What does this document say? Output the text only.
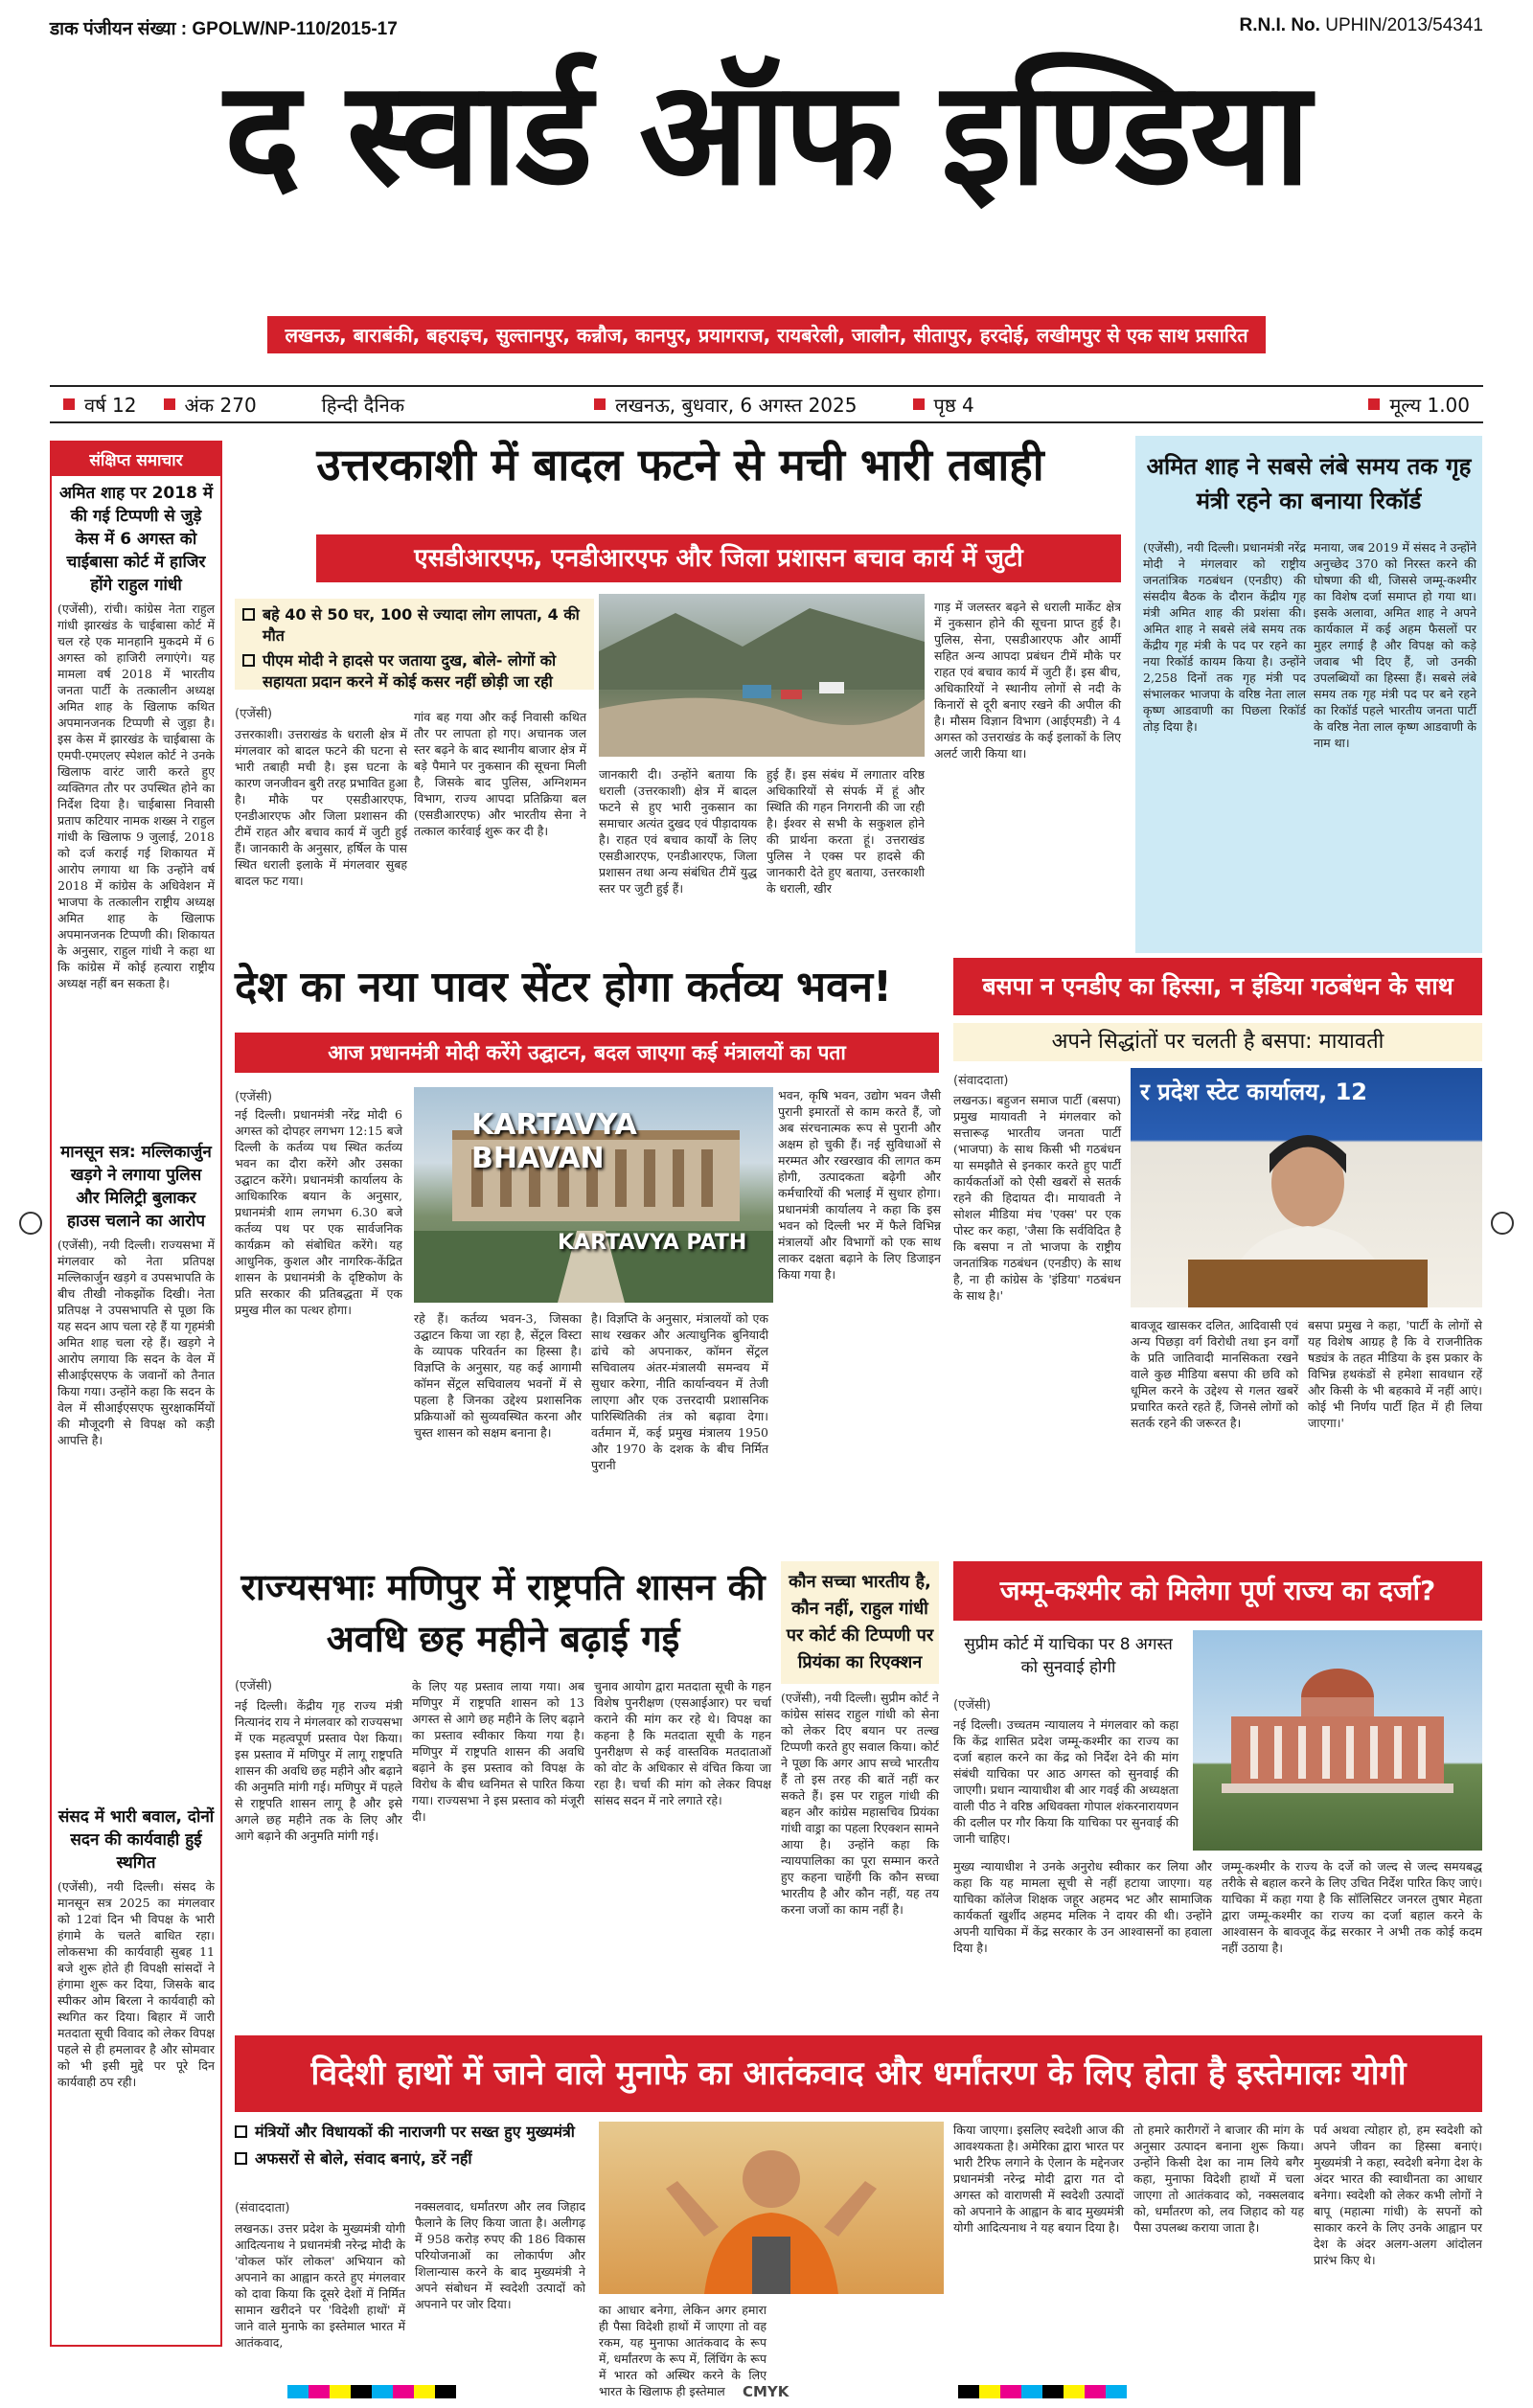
डाक पंजीयन संख्या : GPOLW/NP-110/2015-17	R.N.I. No. UPHIN/2013/54341
द स्वार्ड ऑफ इण्डिया
लखनऊ, बाराबंकी, बहराइच, सुल्तानपुर, कन्नौज, कानपुर, प्रयागराज, रायबरेली, जालौन, सीतापुर, हरदोई, लखीमपुर से एक साथ प्रसारित
वर्ष 12	अंक 270	हिन्दी दैनिक	लखनऊ, बुधवार, 6 अगस्त 2025	पृष्ठ 4	मूल्य 1.00
संक्षिप्त समाचार
अमित शाह पर 2018 में की गई टिप्पणी से जुड़े केस में 6 अगस्त को चाईबासा कोर्ट में हाजिर होंगे राहुल गांधी
(एजेंसी), रांची। कांग्रेस नेता राहुल गांधी झारखंड के चाईबासा कोर्ट में चल रहे एक मानहानि मुकदमे में 6 अगस्त को हाजिरी लगाएंगे। यह मामला वर्ष 2018 में भारतीय जनता पार्टी के तत्कालीन अध्यक्ष अमित शाह के खिलाफ कथित अपमानजनक टिप्पणी से जुड़ा है। इस केस में झारखंड के चाईबासा के एमपी-एमएलए स्पेशल कोर्ट ने उनके खिलाफ वारंट जारी करते हुए व्यक्तिगत तौर पर उपस्थित होने का निर्देश दिया है। चाईबासा निवासी प्रताप कटियार नामक शख्स ने राहुल गांधी के खिलाफ 9 जुलाई, 2018 को दर्ज कराई गई शिकायत में आरोप लगाया था कि उन्होंने वर्ष 2018 में कांग्रेस के अधिवेशन में भाजपा के तत्कालीन राष्ट्रीय अध्यक्ष अमित शाह के खिलाफ अपमानजनक टिप्पणी की। शिकायत के अनुसार, राहुल गांधी ने कहा था कि कांग्रेस में कोई हत्यारा राष्ट्रीय अध्यक्ष नहीं बन सकता है।
मानसून सत्र: मल्लिकार्जुन खड़गे ने लगाया पुलिस और मिलिट्री बुलाकर हाउस चलाने का आरोप
(एजेंसी), नयी दिल्ली। राज्यसभा में मंगलवार को नेता प्रतिपक्ष मल्लिकार्जुन खड़गे व उपसभापति के बीच तीखी नोकझोंक दिखी। नेता प्रतिपक्ष ने उपसभापति से पूछा कि यह सदन आप चला रहे हैं या गृहमंत्री अमित शाह चला रहे हैं। खड़गे ने आरोप लगाया कि सदन के वेल में सीआईएसएफ के जवानों को तैनात किया गया। उन्होंने कहा कि सदन के वेल में सीआईएसएफ सुरक्षाकर्मियों की मौजूदगी से विपक्ष को कड़ी आपत्ति है।
संसद में भारी बवाल, दोनों सदन की कार्यवाही हुई स्थगित
(एजेंसी), नयी दिल्ली। संसद के मानसून सत्र 2025 का मंगलवार को 12वां दिन भी विपक्ष के भारी हंगामे के चलते बाधित रहा। लोकसभा की कार्यवाही सुबह 11 बजे शुरू होते ही विपक्षी सांसदों ने हंगामा शुरू कर दिया, जिसके बाद स्पीकर ओम बिरला ने कार्यवाही को स्थगित कर दिया। बिहार में जारी मतदाता सूची विवाद को लेकर विपक्ष पहले से ही हमलावर है और सोमवार को भी इसी मुद्दे पर पूरे दिन कार्यवाही ठप रही।
उत्तरकाशी में बादल फटने से मची भारी तबाही
एसडीआरएफ, एनडीआरएफ और जिला प्रशासन बचाव कार्य में जुटी
बहे 40 से 50 घर, 100 से ज्यादा लोग लापता, 4 की मौत
पीएम मोदी ने हादसे पर जताया दुख, बोले- लोगों को सहायता प्रदान करने में कोई कसर नहीं छोड़ी जा रही
(एजेंसी)
उत्तरकाशी। उत्तराखंड के धराली क्षेत्र में मंगलवार को बादल फटने की घटना से भारी तबाही मची है। इस घटना के कारण जनजीवन बुरी तरह प्रभावित हुआ है। मौके पर एसडीआरएफ, एनडीआरएफ और जिला प्रशासन की टीमें राहत और बचाव कार्य में जुटी हुई हैं। जानकारी के अनुसार, हर्षिल के पास स्थित धराली इलाके में मंगलवार सुबह बादल फट गया।
गांव बह गया और कई निवासी कथित तौर पर लापता हो गए। अचानक जल स्तर बढ़ने के बाद स्थानीय बाजार क्षेत्र में बड़े पैमाने पर नुकसान की सूचना मिली है, जिसके बाद पुलिस, अग्निशमन विभाग, राज्य आपदा प्रतिक्रिया बल (एसडीआरएफ) और भारतीय सेना ने तत्काल कार्रवाई शुरू कर दी है।
जानकारी दी। उन्होंने बताया कि धराली (उत्तरकाशी) क्षेत्र में बादल फटने से हुए भारी नुकसान का समाचार अत्यंत दुखद एवं पीड़ादायक है। राहत एवं बचाव कार्यों के लिए एसडीआरएफ, एनडीआरएफ, जिला प्रशासन तथा अन्य संबंधित टीमें युद्ध स्तर पर जुटी हुई हैं।
हुई हैं। इस संबंध में लगातार वरिष्ठ अधिकारियों से संपर्क में हूं और स्थिति की गहन निगरानी की जा रही है। ईश्वर से सभी के सकुशल होने की प्रार्थना करता हूं। उत्तराखंड पुलिस ने एक्स पर हादसे की जानकारी देते हुए बताया, उत्तरकाशी के धराली, खीर
गाड़ में जलस्तर बढ़ने से धराली मार्केट क्षेत्र में नुकसान होने की सूचना प्राप्त हुई है। पुलिस, सेना, एसडीआरएफ और आर्मी सहित अन्य आपदा प्रबंधन टीमें मौके पर राहत एवं बचाव कार्य में जुटी हैं। इस बीच, अधिकारियों ने स्थानीय लोगों से नदी के किनारों से दूरी बनाए रखने की अपील की है। मौसम विज्ञान विभाग (आईएमडी) ने 4 अगस्त को उत्तराखंड के कई इलाकों के लिए अलर्ट जारी किया था।
अमित शाह ने सबसे लंबे समय तक गृह मंत्री रहने का बनाया रिकॉर्ड
(एजेंसी), नयी दिल्ली। प्रधानमंत्री नरेंद्र मोदी ने मंगलवार को राष्ट्रीय जनतांत्रिक गठबंधन (एनडीए) की संसदीय बैठक के दौरान केंद्रीय गृह मंत्री अमित शाह की प्रशंसा की। अमित शाह ने सबसे लंबे समय तक केंद्रीय गृह मंत्री के पद पर रहने का नया रिकॉर्ड कायम किया है। उन्होंने 2,258 दिनों तक गृह मंत्री पद संभालकर भाजपा के वरिष्ठ नेता लाल कृष्ण आडवाणी का पिछला रिकॉर्ड तोड़ दिया है।
मनाया, जब 2019 में संसद ने उन्होंने अनुच्छेद 370 को निरस्त करने की घोषणा की थी, जिससे जम्मू-कश्मीर का विशेष दर्जा समाप्त हो गया था। इसके अलावा, अमित शाह ने अपने कार्यकाल में कई अहम फैसलों पर मुहर लगाई है और विपक्ष को कड़े जवाब भी दिए हैं, जो उनकी उपलब्धियों का हिस्सा हैं। सबसे लंबे समय तक गृह मंत्री पद पर बने रहने का रिकॉर्ड पहले भारतीय जनता पार्टी के वरिष्ठ नेता लाल कृष्ण आडवाणी के नाम था।
देश का नया पावर सेंटर होगा कर्तव्य भवन!
आज प्रधानमंत्री मोदी करेंगे उद्घाटन, बदल जाएगा कई मंत्रालयों का पता
(एजेंसी)
नई दिल्ली। प्रधानमंत्री नरेंद्र मोदी 6 अगस्त को दोपहर लगभग 12:15 बजे दिल्ली के कर्तव्य पथ स्थित कर्तव्य भवन का दौरा करेंगे और उसका उद्घाटन करेंगे। प्रधानमंत्री कार्यालय के आधिकारिक बयान के अनुसार, प्रधानमंत्री शाम लगभग 6.30 बजे कर्तव्य पथ पर एक सार्वजनिक कार्यक्रम को संबोधित करेंगे। यह आधुनिक, कुशल और नागरिक-केंद्रित शासन के प्रधानमंत्री के दृष्टिकोण के प्रति सरकार की प्रतिबद्धता में एक प्रमुख मील का पत्थर होगा।
KARTAVYA BHAVAN
KARTAVYA PATH
रहे हैं। कर्तव्य भवन-3, जिसका उद्घाटन किया जा रहा है, सेंट्रल विस्टा के व्यापक परिवर्तन का हिस्सा है। विज्ञप्ति के अनुसार, यह कई आगामी कॉमन सेंट्रल सचिवालय भवनों में से पहला है जिनका उद्देश्य प्रशासनिक प्रक्रियाओं को सुव्यवस्थित करना और चुस्त शासन को सक्षम बनाना है।
है। विज्ञप्ति के अनुसार, मंत्रालयों को एक साथ रखकर और अत्याधुनिक बुनियादी ढांचे को अपनाकर, कॉमन सेंट्रल सचिवालय अंतर-मंत्रालयी समन्वय में सुधार करेगा, नीति कार्यान्वयन में तेजी लाएगा और एक उत्तरदायी प्रशासनिक पारिस्थितिकी तंत्र को बढ़ावा देगा। वर्तमान में, कई प्रमुख मंत्रालय 1950 और 1970 के दशक के बीच निर्मित पुरानी
भवन, कृषि भवन, उद्योग भवन जैसी पुरानी इमारतों से काम करते हैं, जो अब संरचनात्मक रूप से पुरानी और अक्षम हो चुकी हैं। नई सुविधाओं से मरम्मत और रखरखाव की लागत कम होगी, उत्पादकता बढ़ेगी और कर्मचारियों की भलाई में सुधार होगा। प्रधानमंत्री कार्यालय ने कहा कि इस भवन को दिल्ली भर में फैले विभिन्न मंत्रालयों और विभागों को एक साथ लाकर दक्षता बढ़ाने के लिए डिजाइन किया गया है।
बसपा न एनडीए का हिस्सा, न इंडिया गठबंधन के साथ
अपने सिद्धांतों पर चलती है बसपा: मायावती
(संवाददाता)
लखनऊ। बहुजन समाज पार्टी (बसपा) प्रमुख मायावती ने मंगलवार को सत्तारूढ़ भारतीय जनता पार्टी (भाजपा) के साथ किसी भी गठबंधन या समझौते से इनकार करते हुए पार्टी कार्यकर्ताओं को ऐसी खबरों से सतर्क रहने की हिदायत दी। मायावती ने सोशल मीडिया मंच 'एक्स' पर एक पोस्ट कर कहा, 'जैसा कि सर्वविदित है कि बसपा न तो भाजपा के राष्ट्रीय जनतांत्रिक गठबंधन (एनडीए) के साथ है, ना ही कांग्रेस के 'इंडिया' गठबंधन के साथ है।'
र प्रदेश स्टेट कार्यालय, 12
बावजूद खासकर दलित, आदिवासी एवं अन्य पिछड़ा वर्ग विरोधी तथा इन वर्गों के प्रति जातिवादी मानसिकता रखने वाले कुछ मीडिया बसपा की छवि को धूमिल करने के उद्देश्य से गलत खबरें प्रचारित करते रहते हैं, जिनसे लोगों को सतर्क रहने की जरूरत है।
बसपा प्रमुख ने कहा, 'पार्टी के लोगों से यह विशेष आग्रह है कि वे राजनीतिक षड्यंत्र के तहत मीडिया के इस प्रकार के विभिन्न हथकंडों से हमेशा सावधान रहें और किसी के भी बहकावे में नहीं आएं। कोई भी निर्णय पार्टी हित में ही लिया जाएगा।'
राज्यसभाः मणिपुर में राष्ट्रपति शासन की अवधि छह महीने बढ़ाई गई
(एजेंसी)
नई दिल्ली। केंद्रीय गृह राज्य मंत्री नित्यानंद राय ने मंगलवार को राज्यसभा में एक महत्वपूर्ण प्रस्ताव पेश किया। इस प्रस्ताव में मणिपुर में लागू राष्ट्रपति शासन की अवधि छह महीने और बढ़ाने की अनुमति मांगी गई। मणिपुर में पहले से राष्ट्रपति शासन लागू है और इसे अगले छह महीने तक के लिए और आगे बढ़ाने की अनुमति मांगी गई।
के लिए यह प्रस्ताव लाया गया। अब मणिपुर में राष्ट्रपति शासन को 13 अगस्त से आगे छह महीने के लिए बढ़ाने का प्रस्ताव स्वीकार किया गया है। मणिपुर में राष्ट्रपति शासन की अवधि बढ़ाने के इस प्रस्ताव को विपक्ष के विरोध के बीच ध्वनिमत से पारित किया गया। राज्यसभा ने इस प्रस्ताव को मंजूरी दी।
चुनाव आयोग द्वारा मतदाता सूची के गहन विशेष पुनरीक्षण (एसआईआर) पर चर्चा कराने की मांग कर रहे थे। विपक्ष का कहना है कि मतदाता सूची के गहन पुनरीक्षण से कई वास्तविक मतदाताओं को वोट के अधिकार से वंचित किया जा रहा है। चर्चा की मांग को लेकर विपक्ष सांसद सदन में नारे लगाते रहे।
कौन सच्चा भारतीय है, कौन नहीं, राहुल गांधी पर कोर्ट की टिप्पणी पर प्रियंका का रिएक्शन
(एजेंसी), नयी दिल्ली। सुप्रीम कोर्ट ने कांग्रेस सांसद राहुल गांधी को सेना को लेकर दिए बयान पर तल्ख टिप्पणी करते हुए सवाल किया। कोर्ट ने पूछा कि अगर आप सच्चे भारतीय हैं तो इस तरह की बातें नहीं कर सकते हैं। इस पर राहुल गांधी की बहन और कांग्रेस महासचिव प्रियंका गांधी वाड्रा का पहला रिएक्शन सामने आया है। उन्होंने कहा कि न्यायपालिका का पूरा सम्मान करते हुए कहना चाहेंगी कि कौन सच्चा भारतीय है और कौन नहीं, यह तय करना जजों का काम नहीं है।
जम्मू-कश्मीर को मिलेगा पूर्ण राज्य का दर्जा?
सुप्रीम कोर्ट में याचिका पर 8 अगस्त को सुनवाई होगी
(एजेंसी)
नई दिल्ली। उच्चतम न्यायालय ने मंगलवार को कहा कि केंद्र शासित प्रदेश जम्मू-कश्मीर का राज्य का दर्जा बहाल करने का केंद्र को निर्देश देने की मांग संबंधी याचिका पर आठ अगस्त को सुनवाई की जाएगी। प्रधान न्यायाधीश बी आर गवई की अध्यक्षता वाली पीठ ने वरिष्ठ अधिवक्ता गोपाल शंकरनारायणन की दलील पर गौर किया कि याचिका पर सुनवाई की जानी चाहिए।
मुख्य न्यायाधीश ने उनके अनुरोध स्वीकार कर लिया और कहा कि यह मामला सूची से नहीं हटाया जाएगा। यह याचिका कॉलेज शिक्षक जहूर अहमद भट और सामाजिक कार्यकर्ता खुर्शीद अहमद मलिक ने दायर की थी। उन्होंने अपनी याचिका में केंद्र सरकार के उन आश्वासनों का हवाला दिया है।
जम्मू-कश्मीर के राज्य के दर्जे को जल्द से जल्द समयबद्ध तरीके से बहाल करने के लिए उचित निर्देश पारित किए जाएं। याचिका में कहा गया है कि सॉलिसिटर जनरल तुषार मेहता द्वारा जम्मू-कश्मीर का राज्य का दर्जा बहाल करने के आश्वासन के बावजूद केंद्र सरकार ने अभी तक कोई कदम नहीं उठाया है।
विदेशी हाथों में जाने वाले मुनाफे का आतंकवाद और धर्मांतरण के लिए होता है इस्तेमालः योगी
मंत्रियों और विधायकों की नाराजगी पर सख्त हुए मुख्यमंत्री
अफसरों से बोले, संवाद बनाएं, डरें नहीं
(संवाददाता)
लखनऊ। उत्तर प्रदेश के मुख्यमंत्री योगी आदित्यनाथ ने प्रधानमंत्री नरेन्द्र मोदी के 'वोकल फॉर लोकल' अभियान को अपनाने का आह्वान करते हुए मंगलवार को दावा किया कि दूसरे देशों में निर्मित सामान खरीदने पर 'विदेशी हाथों' में जाने वाले मुनाफे का इस्तेमाल भारत में आतंकवाद,
नक्सलवाद, धर्मांतरण और लव जिहाद फैलाने के लिए किया जाता है। अलीगढ़ में 958 करोड़ रुपए की 186 विकास परियोजनाओं का लोकार्पण और शिलान्यास करने के बाद मुख्यमंत्री ने अपने संबोधन में स्वदेशी उत्पादों को अपनाने पर जोर दिया।	का आधार बनेगा, लेकिन अगर हमारा ही पैसा विदेशी हाथों में जाएगा तो वह रकम, यह मुनाफा आतंकवाद के रूप में, धर्मांतरण के रूप में, लिंचिंग के रूप में भारत को अस्थिर करने के लिए भारत के खिलाफ ही इस्तेमाल
किया जाएगा। इसलिए स्वदेशी आज की आवश्यकता है। अमेरिका द्वारा भारत पर भारी टैरिफ लगाने के ऐलान के मद्देनजर प्रधानमंत्री नरेन्द्र मोदी द्वारा गत दो अगस्त को वाराणसी में स्वदेशी उत्पादों को अपनाने के आह्वान के बाद मुख्यमंत्री योगी आदित्यनाथ ने यह बयान दिया है।
तो हमारे कारीगरों ने बाजार की मांग के अनुसार उत्पादन बनाना शुरू किया। उन्होंने किसी देश का नाम लिये बगैर कहा, मुनाफा विदेशी हाथों में चला जाएगा तो आतंकवाद को, नक्सलवाद को, धर्मांतरण को, लव जिहाद को यह पैसा उपलब्ध कराया जाता है।
पर्व अथवा त्योहार हो, हम स्वदेशी को अपने जीवन का हिस्सा बनाएं। मुख्यमंत्री ने कहा, स्वदेशी बनेगा देश के अंदर भारत की स्वाधीनता का आधार बनेगा। स्वदेशी को लेकर कभी लोगों ने बापू (महात्मा गांधी) के सपनों को साकार करने के लिए उनके आह्वान पर देश के अंदर अलग-अलग आंदोलन प्रारंभ किए थे।
CMYK
